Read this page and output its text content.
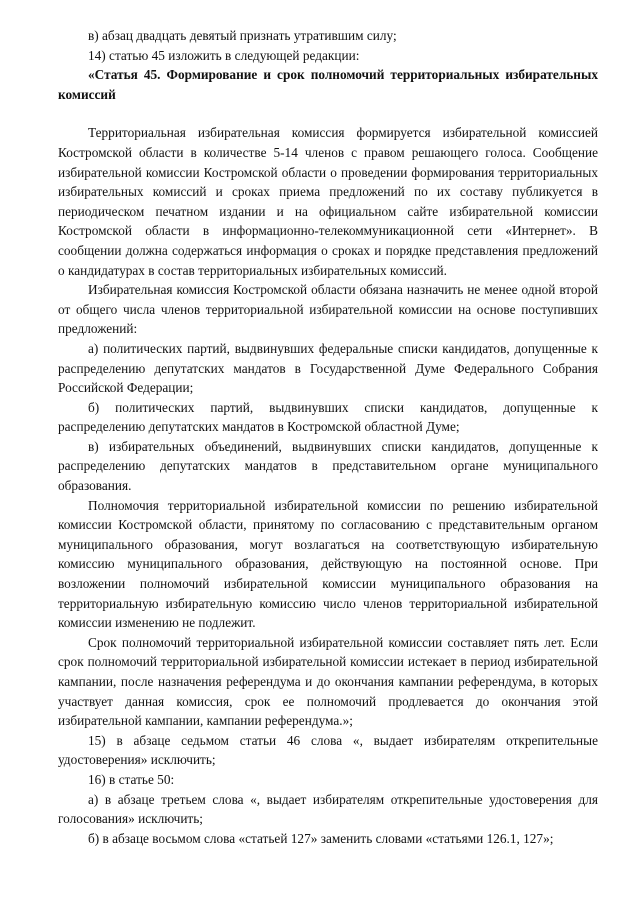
в) абзац двадцать девятый признать утратившим силу;

14) статью 45 изложить в следующей редакции:

«Статья 45. Формирование и срок полномочий территориальных избирательных комиссий

Территориальная избирательная комиссия формируется избирательной комиссией Костромской области в количестве 5-14 членов с правом решающего голоса. Сообщение избирательной комиссии Костромской области о проведении формирования территориальных избирательных комиссий и сроках приема предложений по их составу публикуется в периодическом печатном издании и на официальном сайте избирательной комиссии Костромской области в информационно-телекоммуникационной сети «Интернет». В сообщении должна содержаться информация о сроках и порядке представления предложений о кандидатурах в состав территориальных избирательных комиссий.

Избирательная комиссия Костромской области обязана назначить не менее одной второй от общего числа членов территориальной избирательной комиссии на основе поступивших предложений:

а) политических партий, выдвинувших федеральные списки кандидатов, допущенные к распределению депутатских мандатов в Государственной Думе Федерального Собрания Российской Федерации;

б) политических партий, выдвинувших списки кандидатов, допущенные к распределению депутатских мандатов в Костромской областной Думе;

в) избирательных объединений, выдвинувших списки кандидатов, допущенные к распределению депутатских мандатов в представительном органе муниципального образования.

Полномочия территориальной избирательной комиссии по решению избирательной комиссии Костромской области, принятому по согласованию с представительным органом муниципального образования, могут возлагаться на соответствующую избирательную комиссию муниципального образования, действующую на постоянной основе. При возложении полномочий избирательной комиссии муниципального образования на территориальную избирательную комиссию число членов территориальной избирательной комиссии изменению не подлежит.

Срок полномочий территориальной избирательной комиссии составляет пять лет. Если срок полномочий территориальной избирательной комиссии истекает в период избирательной кампании, после назначения референдума и до окончания кампании референдума, в которых участвует данная комиссия, срок ее полномочий продлевается до окончания этой избирательной кампании, кампании референдума.»;

15) в абзаце седьмом статьи 46 слова «, выдает избирателям открепительные удостоверения» исключить;

16) в статье 50:

а) в абзаце третьем слова «, выдает избирателям открепительные удостоверения для голосования» исключить;

б) в абзаце восьмом слова «статьей 127» заменить словами «статьями 126.1, 127»;
